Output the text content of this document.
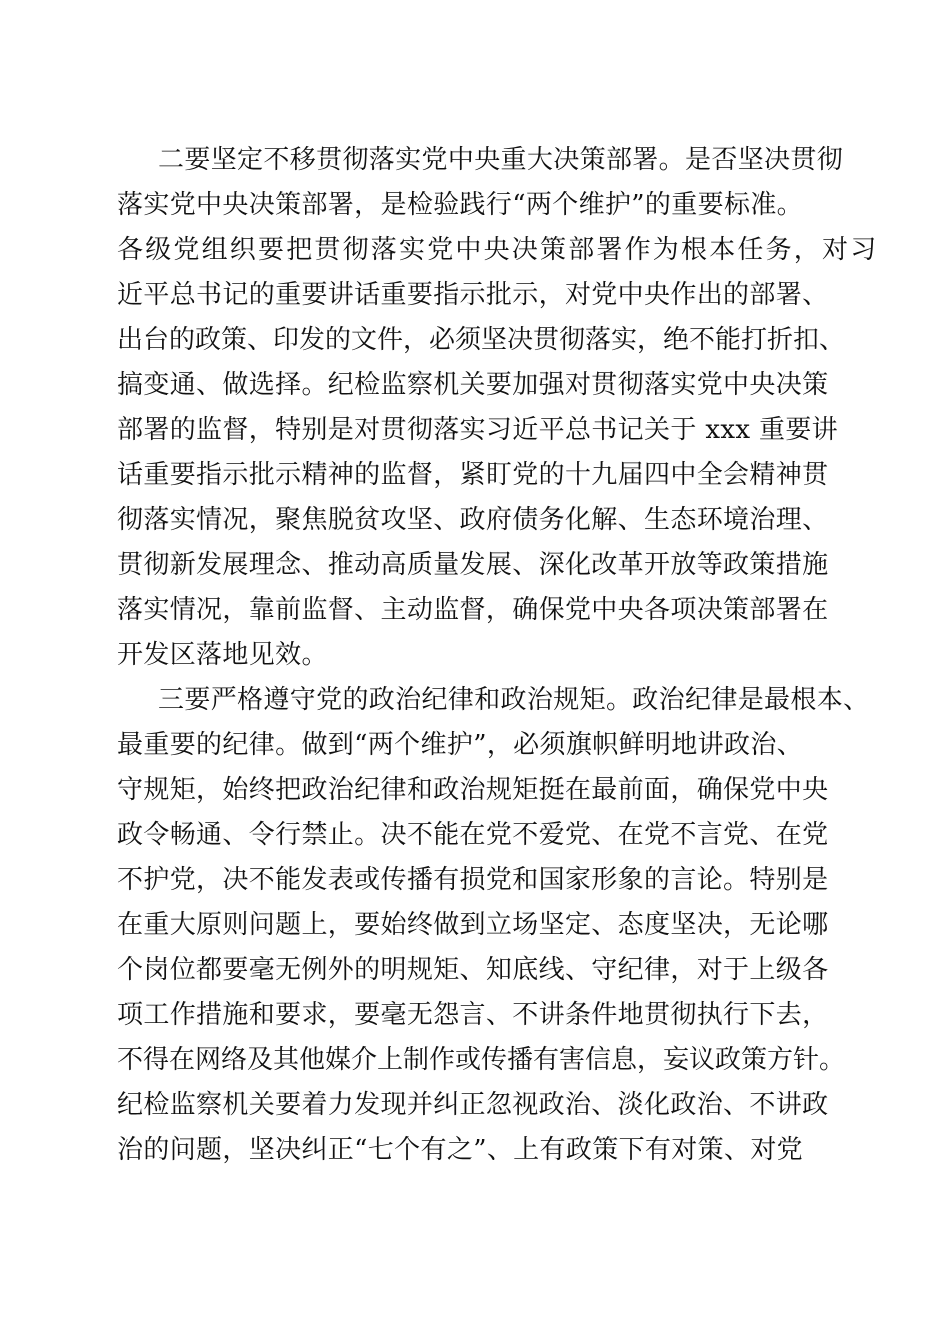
二要坚定不移贯彻落实党中央重大决策部署。是否坚决贯彻
落实党中央决策部署，是检验践行“两个维护”的重要标准。
各级党组织要把贯彻落实党中央决策部署作为根本任务，对习
近平总书记的重要讲话重要指示批示，对党中央作出的部署、
出台的政策、印发的文件，必须坚决贯彻落实，绝不能打折扣、
搞变通、做选择。纪检监察机关要加强对贯彻落实党中央决策
部署的监督，特别是对贯彻落实习近平总书记关于 xxx 重要讲
话重要指示批示精神的监督，紧盯党的十九届四中全会精神贯
彻落实情况，聚焦脱贫攻坚、政府债务化解、生态环境治理、
贯彻新发展理念、推动高质量发展、深化改革开放等政策措施
落实情况，靠前监督、主动监督，确保党中央各项决策部署在
开发区落地见效。
三要严格遵守党的政治纪律和政治规矩。政治纪律是最根本、
最重要的纪律。做到“两个维护”，必须旗帜鲜明地讲政治、
守规矩，始终把政治纪律和政治规矩挺在最前面，确保党中央
政令畅通、令行禁止。决不能在党不爱党、在党不言党、在党
不护党，决不能发表或传播有损党和国家形象的言论。特别是
在重大原则问题上，要始终做到立场坚定、态度坚决，无论哪
个岗位都要毫无例外的明规矩、知底线、守纪律，对于上级各
项工作措施和要求，要毫无怨言、不讲条件地贯彻执行下去，
不得在网络及其他媒介上制作或传播有害信息，妄议政策方针。
纪检监察机关要着力发现并纠正忽视政治、淡化政治、不讲政
治的问题，坚决纠正“七个有之”、上有政策下有对策、对党
